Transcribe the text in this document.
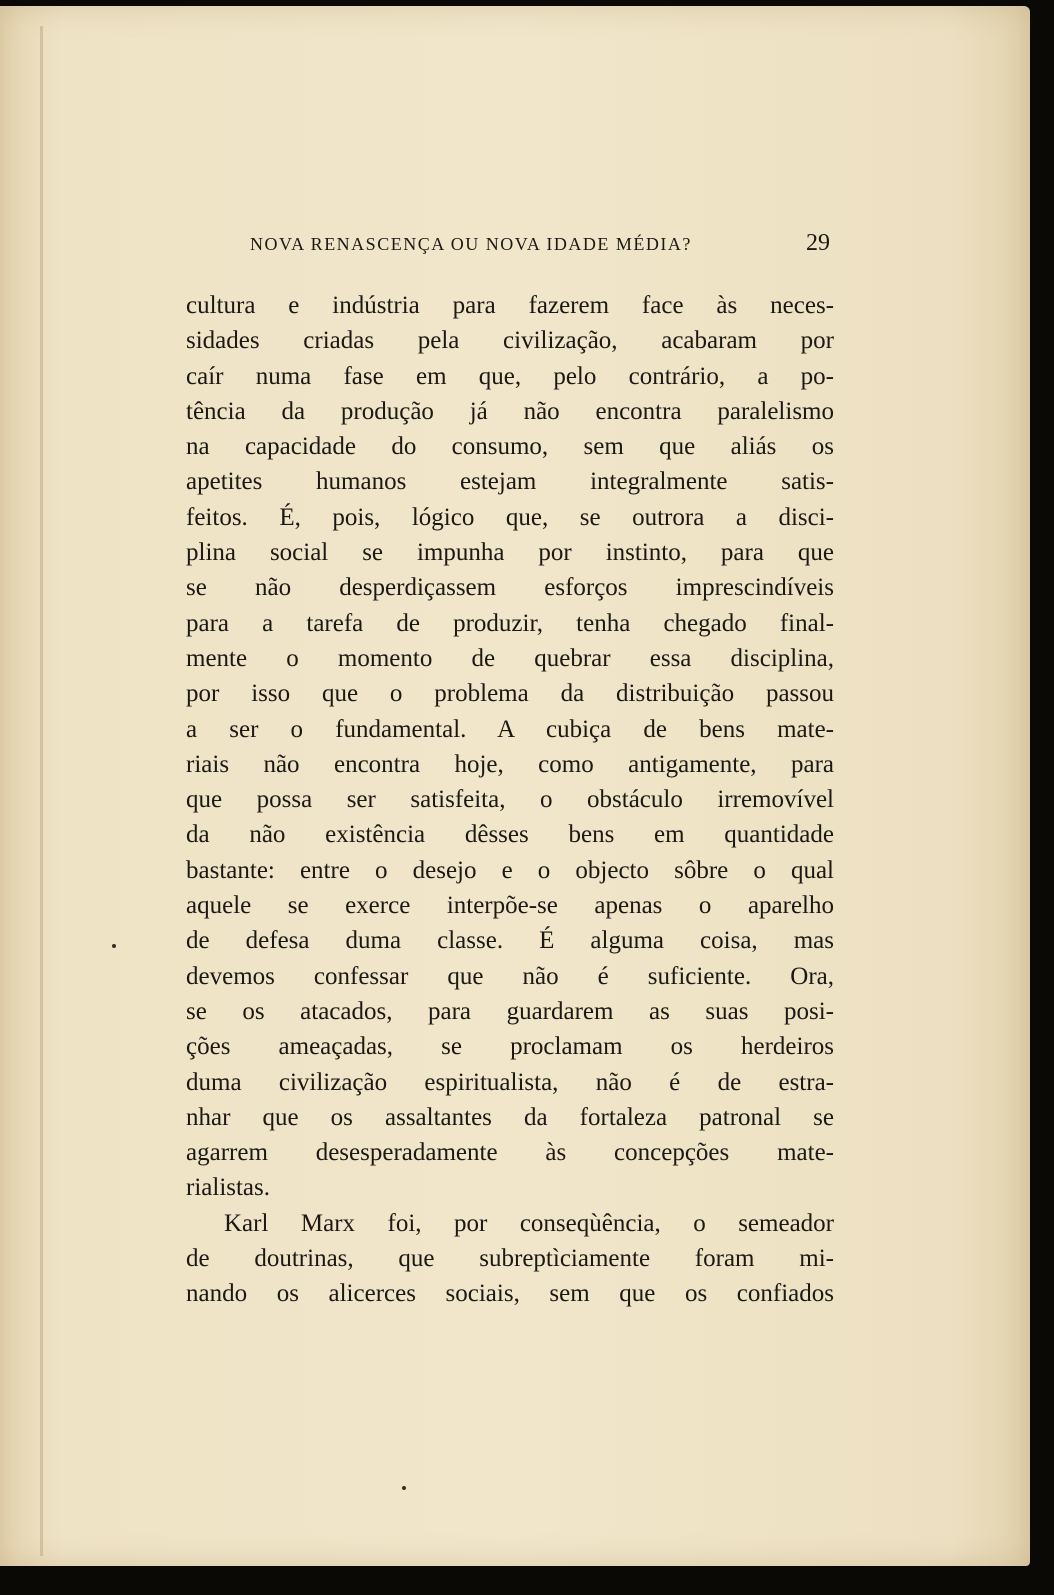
NOVA RENASCENÇA OU NOVA IDADE MÉDIA?	29
cultura e indústria para fazerem face às neces-
sidades criadas pela civilização, acabaram por
caír numa fase em que, pelo contrário, a po-
tência da produção já não encontra paralelismo
na capacidade do consumo, sem que aliás os
apetites humanos estejam integralmente satis-
feitos. É, pois, lógico que, se outrora a disci-
plina social se impunha por instinto, para que
se não desperdiçassem esforços imprescindíveis
para a tarefa de produzir, tenha chegado final-
mente o momento de quebrar essa disciplina,
por isso que o problema da distribuição passou
a ser o fundamental. A cubiça de bens mate-
riais não encontra hoje, como antigamente, para
que possa ser satisfeita, o obstáculo irremovível
da não existência dêsses bens em quantidade
bastante: entre o desejo e o objecto sôbre o qual
aquele se exerce interpõe-se apenas o aparelho
de defesa duma classe. É alguma coisa, mas
devemos confessar que não é suficiente. Ora,
se os atacados, para guardarem as suas posi-
ções ameaçadas, se proclamam os herdeiros
duma civilização espiritualista, não é de estra-
nhar que os assaltantes da fortaleza patronal se
agarrem desesperadamente às concepções mate-
rialistas.
Karl Marx foi, por conseqùência, o semeador
de doutrinas, que subreptìciamente foram mi-
nando os alicerces sociais, sem que os confiados
